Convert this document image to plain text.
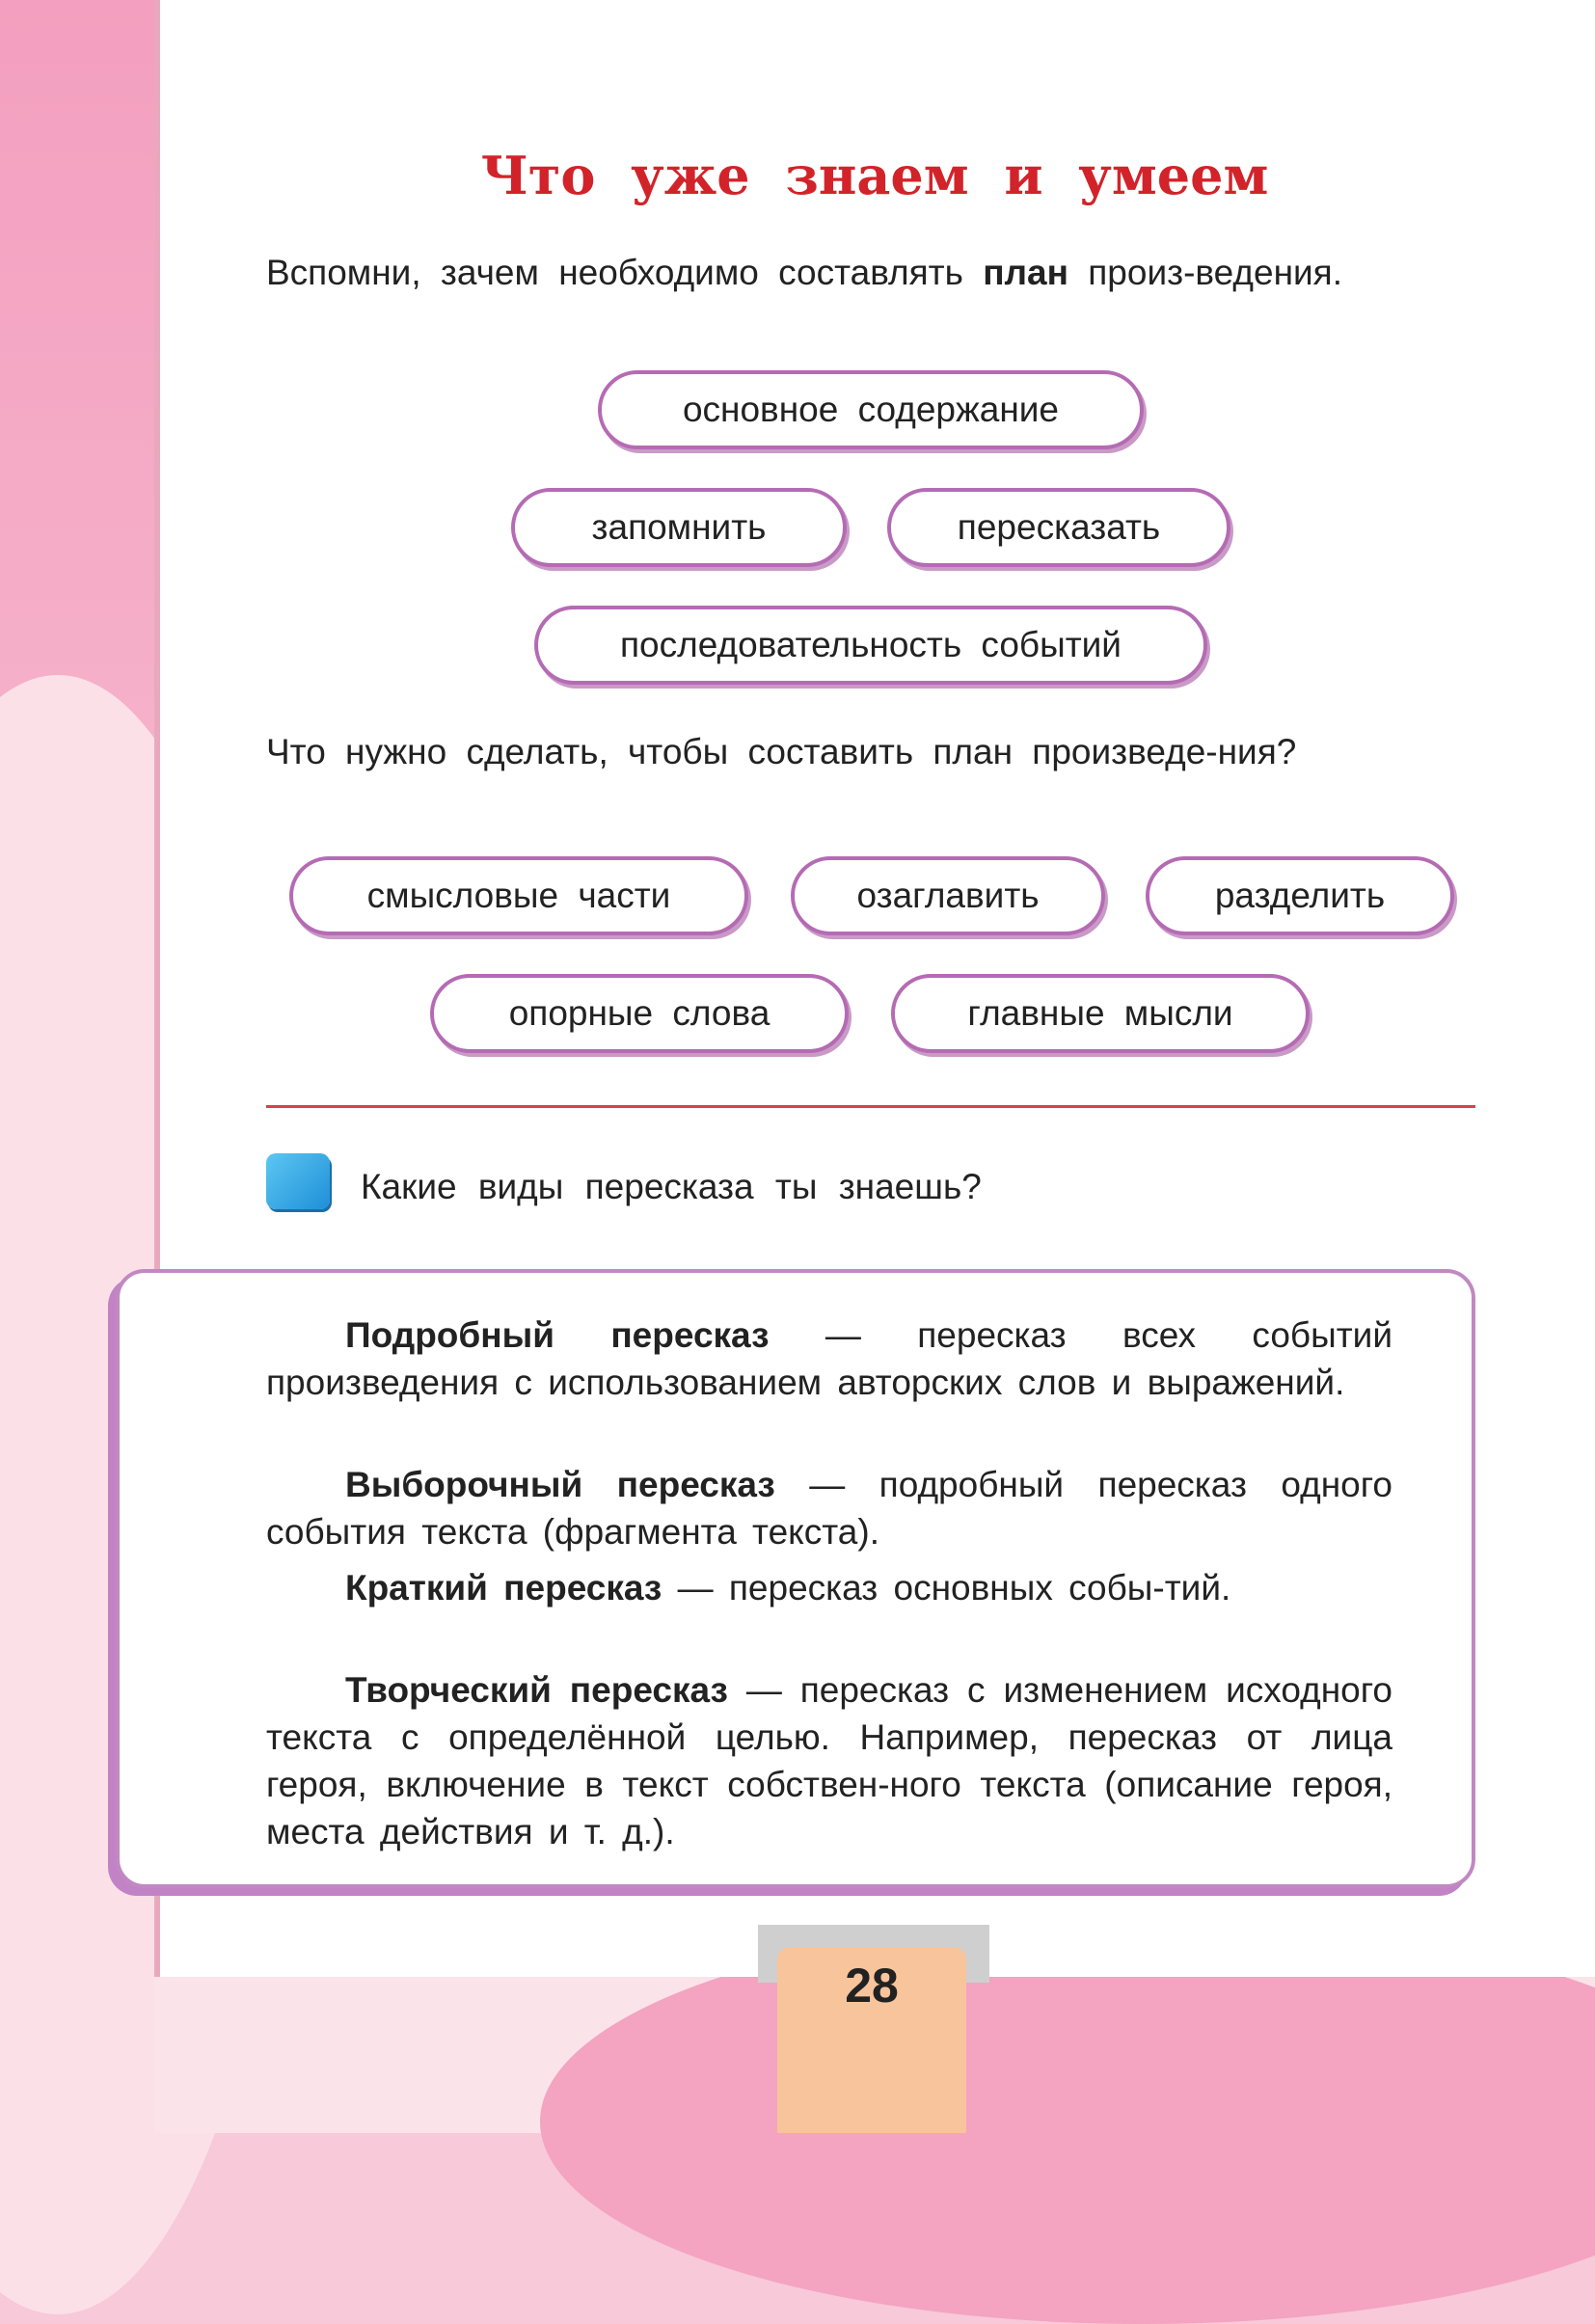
Что уже знаем и умеем
Вспомни, зачем необходимо составлять план произ-ведения.
основное содержание
запомнить	пересказать
последовательность событий
Что нужно сделать, чтобы составить план произведе-ния?
смысловые части	озаглавить	разделить
опорные слова	главные мысли
Какие виды пересказа ты знаешь?
Подробный пересказ — пересказ всех событий произведения с использованием авторских слов и выражений.
Выборочный пересказ — подробный пересказ одного события текста (фрагмента текста).
Краткий пересказ — пересказ основных собы-тий.
Творческий пересказ — пересказ с изменением исходного текста с определённой целью. Например, пересказ от лица героя, включение в текст собствен-ного текста (описание героя, места действия и т. д.).
28
